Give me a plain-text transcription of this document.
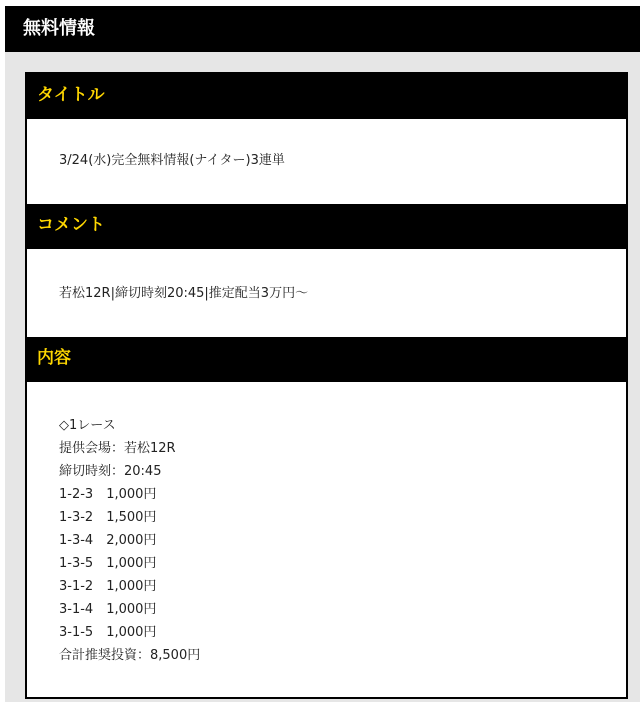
無料情報
タイトル
3/24(水)完全無料情報(ナイター)3連単
コメント
若松12R|締切時刻20:45|推定配当3万円〜
内容
◇1レース
提供会場：若松12R
締切時刻：20:45
1-2-3　1,000円
1-3-2　1,500円
1-3-4　2,000円
1-3-5　1,000円
3-1-2　1,000円
3-1-4　1,000円
3-1-5　1,000円
合計推奨投資：8,500円
